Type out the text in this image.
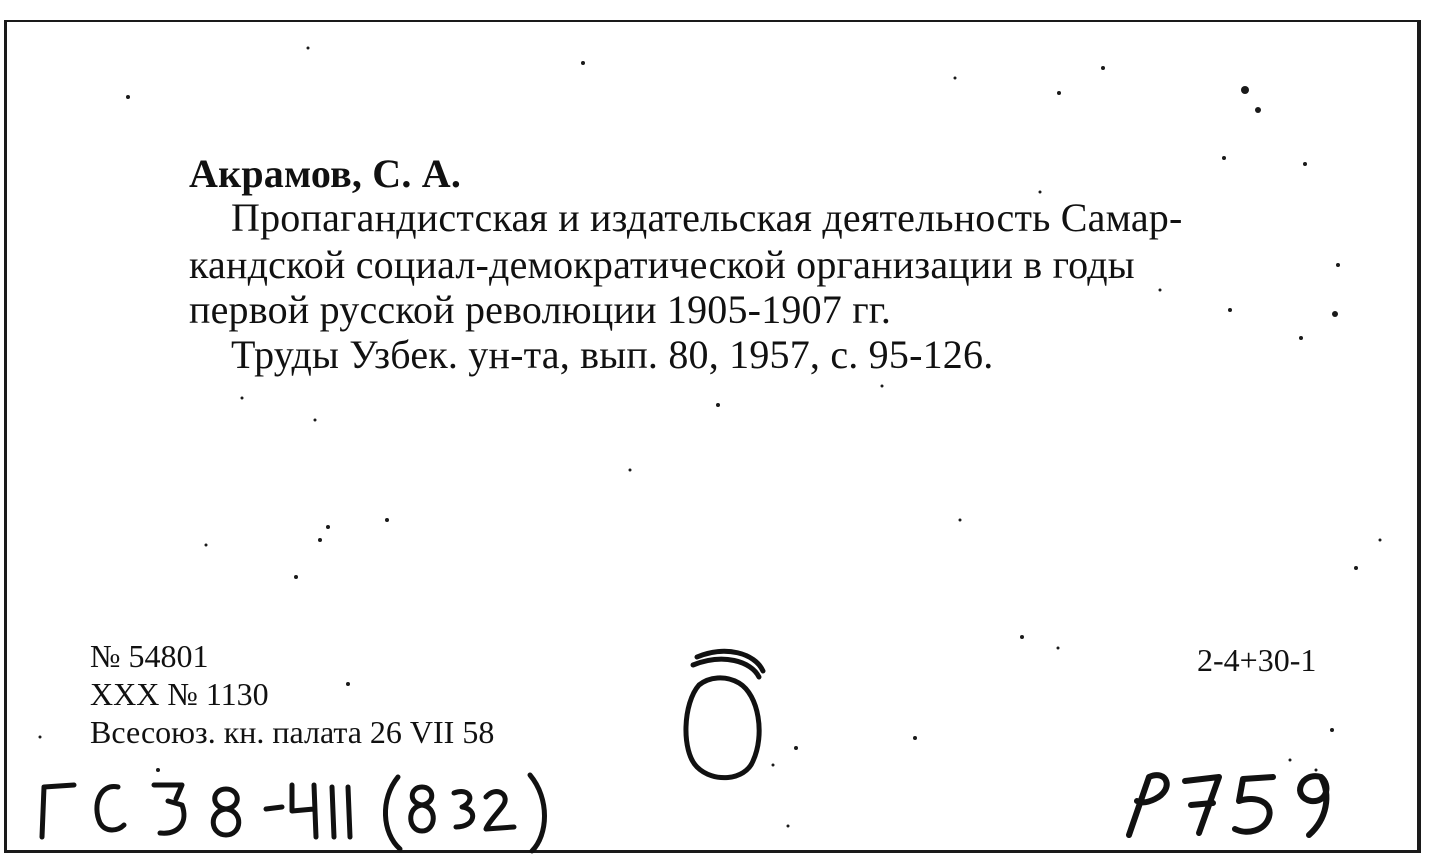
Акрамов, С. А.
Пропагандистская и издательская деятельность Самар-
кандской социал-демократической организации в годы
первой русской революции 1905-1907 гг.
Труды Узбек. ун-та, вып. 80, 1957, с. 95-126.
№ 54801
XXX № 1130
Всесоюз. кн. палата 26 VII 58
2-4+30-1
